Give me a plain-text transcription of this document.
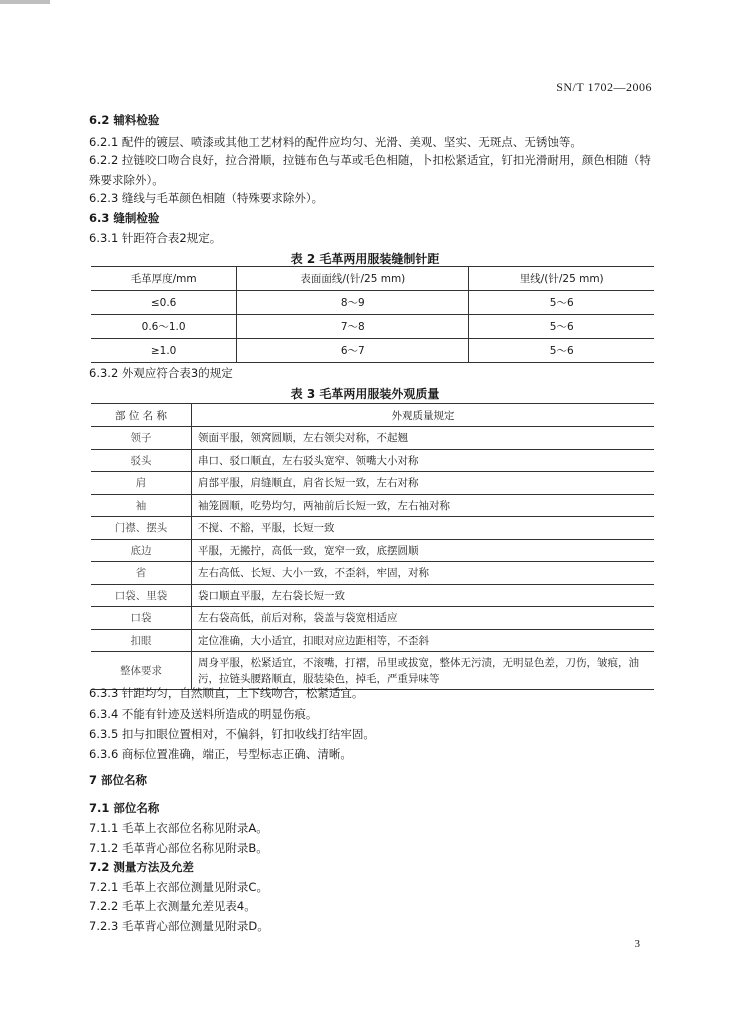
SN/T 1702—2006
6.2 辅料检验
6.2.1 配件的镀层、喷漆或其他工艺材料的配件应均匀、光滑、美观、坚实、无斑点、无锈蚀等。
6.2.2 拉链咬口吻合良好，拉合滑顺，拉链布色与革或毛色相随，卜扣松紧适宜，钉扣光滑耐用，颜色相随（特殊要求除外）。
6.2.3 缝线与毛革颜色相随（特殊要求除外）。
6.3 缝制检验
6.3.1 针距符合表2规定。
表 2 毛革两用服装缝制针距
毛革厚度/mm	表面面线/(针/25 mm)	里线/(针/25 mm)
≤0.6	8～9	5～6
0.6～1.0	7～8	5～6
≥1.0	6～7	5～6
6.3.2 外观应符合表3的规定
表 3 毛革两用服装外观质量
部 位 名 称	外观质量规定
领子	领面平服，领窝圆顺，左右领尖对称，不起翘
驳头	串口、驳口顺直，左右驳头宽窄、领嘴大小对称
肩	肩部平服，肩缝顺直，肩省长短一致，左右对称
袖	袖笼圆顺，吃势均匀，两袖前后长短一致，左右袖对称
门襟、摆头	不搅、不豁，平服，长短一致
底边	平服，无搬拧，高低一致，宽窄一致，底摆圆顺
省	左右高低、长短、大小一致，不歪斜，牢固，对称
口袋、里袋	袋口顺直平服，左右袋长短一致
口袋	左右袋高低，前后对称，袋盖与袋宽相适应
扣眼	定位准确，大小适宜，扣眼对应边距相等，不歪斜
整体要求	周身平服，松紧适宜，不滚嘴，打褶，吊里或拔宽，整体无污渍，无明显色差，刀伤，皱痕，油污，拉链头腰路顺直，服装染色，掉毛，严重异味等
6.3.3 针距均匀，自然顺直，上下线吻合，松紧适宜。
6.3.4 不能有针迹及送料所造成的明显伤痕。
6.3.5 扣与扣眼位置相对，不偏斜，钉扣收线打结牢固。
6.3.6 商标位置准确，端正，号型标志正确、清晰。
7 部位名称
7.1 部位名称
7.1.1 毛革上衣部位名称见附录A。
7.1.2 毛革背心部位名称见附录B。
7.2 测量方法及允差
7.2.1 毛革上衣部位测量见附录C。
7.2.2 毛革上衣测量允差见表4。
7.2.3 毛革背心部位测量见附录D。
3
